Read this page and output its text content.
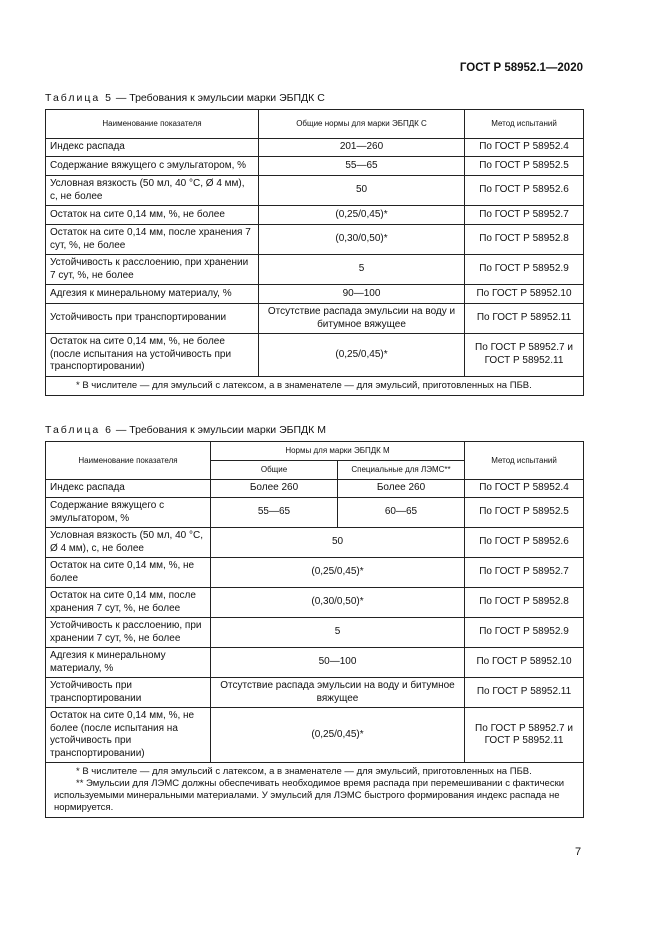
ГОСТ Р 58952.1—2020
Таблица 5 — Требования к эмульсии марки ЭБПДК С
Наименование показателя	Общие нормы для марки ЭБПДК С	Метод испытаний
Индекс распада	201—260	По ГОСТ Р 58952.4
Содержание вяжущего с эмульгатором, %	55—65	По ГОСТ Р 58952.5
Условная вязкость (50 мл, 40 °С, Ø 4 мм), с, не более	50	По ГОСТ Р 58952.6
Остаток на сите 0,14 мм, %, не более	(0,25/0,45)*	По ГОСТ Р 58952.7
Остаток на сите 0,14 мм, после хранения 7 сут, %, не более	(0,30/0,50)*	По ГОСТ Р 58952.8
Устойчивость к расслоению, при хранении 7 сут, %, не более	5	По ГОСТ Р 58952.9
Адгезия к минеральному материалу, %	90—100	По ГОСТ Р 58952.10
Устойчивость при транспортировании	Отсутствие распада эмульсии на воду и битумное вяжущее	По ГОСТ Р 58952.11
Остаток на сите 0,14 мм, %, не более (после испытания на устойчивость при транспортировании)	(0,25/0,45)*	По ГОСТ Р 58952.7 и ГОСТ Р 58952.11

* В числителе — для эмульсий с латексом, а в знаменателе — для эмульсий, приготовленных на ПБВ.		
Таблица 6 — Требования к эмульсии марки ЭБПДК М
Наименование показателя	Нормы для марки ЭБПДК М		Метод испытаний
	Общие	Специальные для ЛЭМС**	
Индекс распада	Более 260	Более 260	По ГОСТ Р 58952.4
Содержание вяжущего с эмульгатором, %	55—65	60—65	По ГОСТ Р 58952.5
Условная вязкость (50 мл, 40 °С, Ø 4 мм), с, не более	50		По ГОСТ Р 58952.6
Остаток на сите 0,14 мм, %, не более	(0,25/0,45)*		По ГОСТ Р 58952.7
Остаток на сите 0,14 мм, после хранения 7 сут, %, не более	(0,30/0,50)*		По ГОСТ Р 58952.8
Устойчивость к расслоению, при хранении 7 сут, %, не более	5		По ГОСТ Р 58952.9
Адгезия к минеральному материалу, %	50—100		По ГОСТ Р 58952.10
Устойчивость при транспортировании	Отсутствие распада эмульсии на воду и битумное вяжущее		По ГОСТ Р 58952.11
Остаток на сите 0,14 мм, %, не более (после испытания на устойчивость при транспортировании)	(0,25/0,45)*		По ГОСТ Р 58952.7 и ГОСТ Р 58952.11

* В числителе — для эмульсий с латексом, а в знаменателе — для эмульсий, приготовленных на ПБВ.
** Эмульсии для ЛЭМС должны обеспечивать необходимое время распада при перемешивании с фактически используемыми минеральными материалами. У эмульсий для ЛЭМС быстрого формирования индекс распада не нормируется.			
7
